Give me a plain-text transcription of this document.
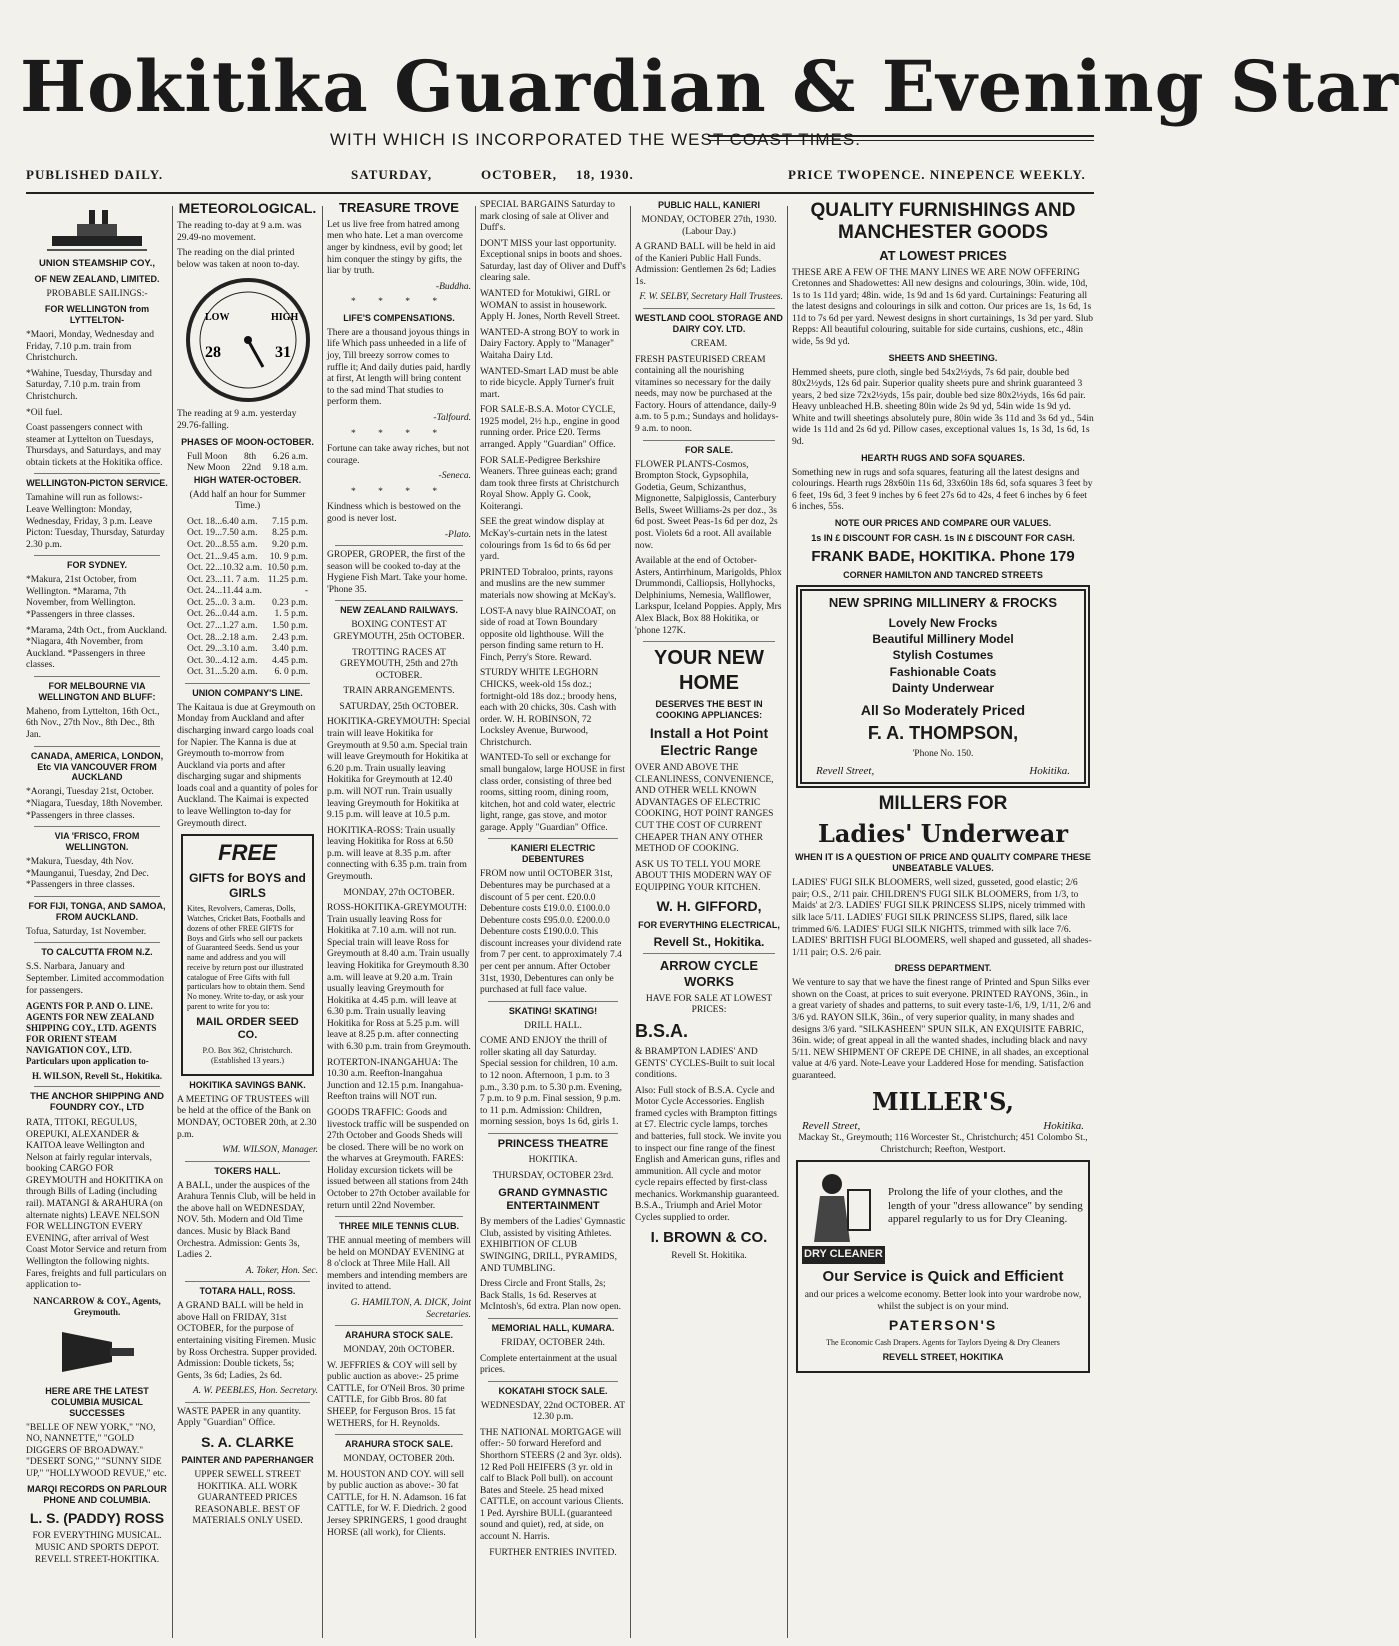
Hokitika Guardian & Evening Star
WITH WHICH IS INCORPORATED THE WEST COAST TIMES.
PUBLISHED DAILY.	SATURDAY,	OCTOBER, 18, 1930.	PRICE TWOPENCE. NINEPENCE WEEKLY.

UNION STEAMSHIP COY.,

OF NEW ZEALAND, LIMITED.

PROBABLE SAILINGS:-

FOR WELLINGTON from LYTTELTON-

*Maori, Monday, Wednesday and Friday, 7.10 p.m. train from Christchurch.

*Wahine, Tuesday, Thursday and Saturday, 7.10 p.m. train from Christchurch.

*Oil fuel.

Coast passengers connect with steamer at Lyttelton on Tuesdays, Thursdays, and Saturdays, and may obtain tickets at the Hokitika office.

WELLINGTON-PICTON SERVICE.

Tamahine will run as follows:- Leave Wellington: Monday, Wednesday, Friday, 3 p.m. Leave Picton: Tuesday, Thursday, Saturday 2.30 p.m.

FOR SYDNEY.

*Makura, 21st October, from Wellington. *Marama, 7th November, from Wellington. *Passengers in three classes.

*Marama, 24th Oct., from Auckland. *Niagara, 4th November, from Auckland. *Passengers in three classes.

FOR MELBOURNE VIA WELLINGTON AND BLUFF:

Maheno, from Lyttelton, 16th Oct., 6th Nov., 27th Nov., 8th Dec., 8th Jan.

CANADA, AMERICA, LONDON, Etc VIA VANCOUVER FROM AUCKLAND

*Aorangi, Tuesday 21st, October. *Niagara, Tuesday, 18th November. *Passengers in three classes.

VIA 'FRISCO, FROM WELLINGTON.

*Makura, Tuesday, 4th Nov. *Maunganui, Tuesday, 2nd Dec. *Passengers in three classes.

FOR FIJI, TONGA, AND SAMOA, FROM AUCKLAND.

Tofua, Saturday, 1st November.

TO CALCUTTA FROM N.Z.

S.S. Narbara, January and September. Limited accommodation for passengers.

AGENTS FOR P. AND O. LINE. AGENTS FOR NEW ZEALAND SHIPPING COY., LTD. AGENTS FOR ORIENT STEAM NAVIGATION COY., LTD. Particulars upon application to-

H. WILSON, Revell St., Hokitika.

THE ANCHOR SHIPPING AND FOUNDRY COY., LTD

RATA, TITOKI, REGULUS, OREPUKI, ALEXANDER & KAITOA leave Wellington and Nelson at fairly regular intervals, booking CARGO FOR GREYMOUTH and HOKITIKA on through Bills of Lading (including rail). MATANGI & ARAHURA (on alternate nights) LEAVE NELSON FOR WELLINGTON EVERY EVENING, after arrival of West Coast Motor Service and return from Wellington the following nights. Fares, freights and full particulars on application to-

NANCARROW & COY., Agents, Greymouth.

HERE ARE THE LATEST COLUMBIA MUSICAL SUCCESSES

"BELLE OF NEW YORK," "NO, NO, NANNETTE," "GOLD DIGGERS OF BROADWAY." "DESERT SONG," "SUNNY SIDE UP," "HOLLYWOOD REVUE," etc.

MARQI RECORDS ON PARLOUR PHONE AND COLUMBIA.

L. S. (PADDY) ROSS

FOR EVERYTHING MUSICAL. MUSIC AND SPORTS DEPOT. REVELL STREET-HOKITIKA.

METEOROLOGICAL.

The reading to-day at 9 a.m. was 29.49-no movement.

The reading on the dial printed below was taken at noon to-day.

LOW	HIGH
28	31

The reading at 9 a.m. yesterday 29.76-falling.

PHASES OF MOON-OCTOBER.

Full Moon 8th 6.26 a.m.
New Moon 22nd 9.18 a.m.

HIGH WATER-OCTOBER.

(Add half an hour for Summer Time.)

Oct. 18...6.40 a.m. 7.15 p.m.
Oct. 19...7.50 a.m. 8.25 p.m.
Oct. 20...8.55 a.m. 9.20 p.m.
Oct. 21...9.45 a.m. 10. 9 p.m.
Oct. 22...10.32 a.m. 10.50 p.m.
Oct. 23...11. 7 a.m. 11.25 p.m.
Oct. 24...11.44 a.m.	-
Oct. 25...0. 3 a.m. 0.23 p.m.
Oct. 26...0.44 a.m. 1. 5 p.m.
Oct. 27...1.27 a.m. 1.50 p.m.
Oct. 28...2.18 a.m. 2.43 p.m.
Oct. 29...3.10 a.m. 3.40 p.m.
Oct. 30...4.12 a.m. 4.45 p.m.
Oct. 31...5.20 a.m. 6. 0 p.m.

UNION COMPANY'S LINE.

The Kaitaua is due at Greymouth on Monday from Auckland and after discharging inward cargo loads coal for Napier. The Kanna is due at Greymouth to-morrow from Auckland via ports and after discharging sugar and shipments loads coal and a quantity of poles for Auckland. The Kaimai is expected to leave Wellington to-day for Greymouth direct.

FREE

GIFTS for BOYS and GIRLS

Kites, Revolvers, Cameras, Dolls, Watches, Cricket Bats, Footballs and dozens of other FREE GIFTS for Boys and Girls who sell our packets of Guaranteed Seeds. Send us your name and address and you will receive by return post our illustrated catalogue of Free Gifts with full particulars how to obtain them. Send No money. Write to-day, or ask your parent to write for you to:

MAIL ORDER SEED CO.

P.O. Box 362, Christchurch. (Established 13 years.)

HOKITIKA SAVINGS BANK.

A MEETING OF TRUSTEES will be held at the office of the Bank on MONDAY, OCTOBER 20th, at 2.30 p.m.

WM. WILSON, Manager.

TOKERS HALL.

A BALL, under the auspices of the Arahura Tennis Club, will be held in the above hall on WEDNESDAY, NOV. 5th. Modern and Old Time dances. Music by Black Band Orchestra. Admission: Gents 3s, Ladies 2.

A. Toker, Hon. Sec.

TOTARA HALL, ROSS.

A GRAND BALL will be held in above Hall on FRIDAY, 31st OCTOBER, for the purpose of entertaining visiting Firemen. Music by Ross Orchestra. Supper provided. Admission: Double tickets, 5s; Gents, 3s 6d; Ladies, 2s 6d.

A. W. PEEBLES, Hon. Secretary.

WASTE PAPER in any quantity. Apply "Guardian" Office.

S. A. CLARKE

PAINTER AND PAPERHANGER

UPPER SEWELL STREET HOKITIKA. ALL WORK GUARANTEED PRICES REASONABLE. BEST OF MATERIALS ONLY USED.

TREASURE TROVE

Let us live free from hatred among men who hate. Let a man overcome anger by kindness, evil by good; let him conquer the stingy by gifts, the liar by truth.

-Buddha.

* * * *

LIFE'S COMPENSATIONS.

There are a thousand joyous things in life Which pass unheeded in a life of joy, Till breezy sorrow comes to ruffle it; And daily duties paid, hardly at first, At length will bring content to the sad mind That studies to perform them.

-Talfourd.

* * * *

Fortune can take away riches, but not courage.

-Seneca.

* * * *

Kindness which is bestowed on the good is never lost.

-Plato.

GROPER, GROPER, the first of the season will be cooked to-day at the Hygiene Fish Mart. Take your home. 'Phone 35.

NEW ZEALAND RAILWAYS.

BOXING CONTEST AT GREYMOUTH, 25th OCTOBER.

TROTTING RACES AT GREYMOUTH, 25th and 27th OCTOBER.

TRAIN ARRANGEMENTS.

SATURDAY, 25th OCTOBER.

HOKITIKA-GREYMOUTH: Special train will leave Hokitika for Greymouth at 9.50 a.m. Special train will leave Greymouth for Hokitika at 6.20 p.m. Train usually leaving Hokitika for Greymouth at 12.40 p.m. will NOT run. Train usually leaving Greymouth for Hokitika at 9.15 p.m. will leave at 10.5 p.m.

HOKITIKA-ROSS: Train usually leaving Hokitika for Ross at 6.50 p.m. will leave at 8.35 p.m. after connecting with 6.35 p.m. train from Greymouth.

MONDAY, 27th OCTOBER.

ROSS-HOKITIKA-GREYMOUTH: Train usually leaving Ross for Hokitika at 7.10 a.m. will not run. Special train will leave Ross for Greymouth at 8.40 a.m. Train usually leaving Hokitika for Greymouth 8.30 a.m. will leave at 9.20 a.m. Train usually leaving Greymouth for Hokitika at 4.45 p.m. will leave at 6.30 p.m. Train usually leaving Hokitika for Ross at 5.25 p.m. will leave at 8.25 p.m. after connecting with 6.30 p.m. train from Greymouth.

ROTERTON-INANGAHUA: The 10.30 a.m. Reefton-Inangahua Junction and 12.15 p.m. Inangahua-Reefton trains will NOT run.

GOODS TRAFFIC: Goods and livestock traffic will be suspended on 27th October and Goods Sheds will be closed. There will be no work on the wharves at Greymouth. FARES: Holiday excursion tickets will be issued between all stations from 24th October to 27th October available for return until 22nd November.

THREE MILE TENNIS CLUB.

THE annual meeting of members will be held on MONDAY EVENING at 8 o'clock at Three Mile Hall. All members and intending members are invited to attend.

G. HAMILTON, A. DICK, Joint Secretaries.

ARAHURA STOCK SALE.

MONDAY, 20th OCTOBER.

W. JEFFRIES & COY will sell by public auction as above:- 25 prime CATTLE, for O'Neil Bros. 30 prime CATTLE, for Gibb Bros. 80 fat SHEEP, for Ferguson Bros. 15 fat WETHERS, for H. Reynolds.

ARAHURA STOCK SALE.

MONDAY, OCTOBER 20th.

M. HOUSTON AND COY. will sell by public auction as above:- 30 fat CATTLE, for H. N. Adamson. 16 fat CATTLE, for W. F. Diedrich. 2 good Jersey SPRINGERS, 1 good draught HORSE (all work), for Clients.

SPECIAL BARGAINS Saturday to mark closing of sale at Oliver and Duff's.

DON'T MISS your last opportunity. Exceptional snips in boots and shoes. Saturday, last day of Oliver and Duff's clearing sale.

WANTED for Motukiwi, GIRL or WOMAN to assist in housework. Apply H. Jones, North Revell Street.

WANTED-A strong BOY to work in Dairy Factory. Apply to "Manager" Waitaha Dairy Ltd.

WANTED-Smart LAD must be able to ride bicycle. Apply Turner's fruit mart.

FOR SALE-B.S.A. Motor CYCLE, 1925 model, 2½ h.p., engine in good running order. Price £20. Terms arranged. Apply "Guardian" Office.

FOR SALE-Pedigree Berkshire Weaners. Three guineas each; grand dam took three firsts at Christchurch Royal Show. Apply G. Cook, Koiterangi.

SEE the great window display at McKay's-curtain nets in the latest colourings from 1s 6d to 6s 6d per yard.

PRINTED Tobraloo, prints, rayons and muslins are the new summer materials now showing at McKay's.

LOST-A navy blue RAINCOAT, on side of road at Town Boundary opposite old lighthouse. Will the person finding same return to H. Finch, Perry's Store. Reward.

STURDY WHITE LEGHORN CHICKS, week-old 15s doz.; fortnight-old 18s doz.; broody hens, each with 20 chicks, 30s. Cash with order. W. H. ROBINSON, 72 Locksley Avenue, Burwood, Christchurch.

WANTED-To sell or exchange for small bungalow, large HOUSE in first class order, consisting of three bed rooms, sitting room, dining room, kitchen, hot and cold water, electric light, range, gas stove, and motor garage. Apply "Guardian" Office.

KANIERI ELECTRIC DEBENTURES

FROM now until OCTOBER 31st, Debentures may be purchased at a discount of 5 per cent. £20.0.0 Debenture costs £19.0.0. £100.0.0 Debenture costs £95.0.0. £200.0.0 Debenture costs £190.0.0. This discount increases your dividend rate from 7 per cent. to approximately 7.4 per cent per annum. After October 31st, 1930, Debentures can only be purchased at full face value.

SKATING! SKATING!

DRILL HALL.

COME AND ENJOY the thrill of roller skating all day Saturday. Special session for children, 10 a.m. to 12 noon. Afternoon, 1 p.m. to 3 p.m., 3.30 p.m. to 5.30 p.m. Evening, 7 p.m. to 9 p.m. Final session, 9 p.m. to 11 p.m. Admission: Children, morning session, boys 1s 6d, girls 1.

PRINCESS THEATRE

HOKITIKA.

THURSDAY, OCTOBER 23rd.

GRAND GYMNASTIC ENTERTAINMENT

By members of the Ladies' Gymnastic Club, assisted by visiting Athletes. EXHIBITION OF CLUB SWINGING, DRILL, PYRAMIDS, AND TUMBLING.

Dress Circle and Front Stalls, 2s; Back Stalls, 1s 6d. Reserves at McIntosh's, 6d extra. Plan now open.

MEMORIAL HALL, KUMARA.

FRIDAY, OCTOBER 24th.

Complete entertainment at the usual prices.

KOKATAHI STOCK SALE.

WEDNESDAY, 22nd OCTOBER. AT 12.30 p.m.

THE NATIONAL MORTGAGE will offer:- 50 forward Hereford and Shorthorn STEERS (2 and 3yr. olds). 12 Red Poll HEIFERS (3 yr. old in calf to Black Poll bull). on account Bates and Steele. 25 head mixed CATTLE, on account various Clients. 1 Ped. Ayrshire BULL (guaranteed sound and quiet), red, at side, on account N. Harris.

FURTHER ENTRIES INVITED.

PUBLIC HALL, KANIERI

MONDAY, OCTOBER 27th, 1930. (Labour Day.)

A GRAND BALL will be held in aid of the Kanieri Public Hall Funds. Admission: Gentlemen 2s 6d; Ladies 1s.

F. W. SELBY, Secretary Hall Trustees.

WESTLAND COOL STORAGE AND DAIRY COY. LTD.

CREAM.

FRESH PASTEURISED CREAM containing all the nourishing vitamines so necessary for the daily needs, may now be purchased at the Factory. Hours of attendance, daily-9 a.m. to 5 p.m.; Sundays and holidays-9 a.m. to noon.

FOR SALE.

FLOWER PLANTS-Cosmos, Brompton Stock, Gypsophila, Godetia, Geum, Schizanthus, Mignonette, Salpiglossis, Canterbury Bells, Sweet Williams-2s per doz., 3s 6d post. Sweet Peas-1s 6d per doz, 2s post. Violets 6d a root. All available now.

Available at the end of October-Asters, Antirrhinum, Marigolds, Phlox Drummondi, Calliopsis, Hollyhocks, Delphiniums, Nemesia, Wallflower, Larkspur, Iceland Poppies. Apply, Mrs Alex Black, Box 88 Hokitika, or 'phone 127K.

YOUR NEW HOME

DESERVES THE BEST IN COOKING APPLIANCES:

Install a Hot Point Electric Range

OVER AND ABOVE THE CLEANLINESS, CONVENIENCE, AND OTHER WELL KNOWN ADVANTAGES OF ELECTRIC COOKING, HOT POINT RANGES CUT THE COST OF CURRENT CHEAPER THAN ANY OTHER METHOD OF COOKING.

ASK US TO TELL YOU MORE ABOUT THIS MODERN WAY OF EQUIPPING YOUR KITCHEN.

W. H. GIFFORD,

FOR EVERYTHING ELECTRICAL,

Revell St., Hokitika.

ARROW CYCLE WORKS

HAVE FOR SALE AT LOWEST PRICES:

B.S.A.

& BRAMPTON LADIES' AND GENTS' CYCLES-Built to suit local conditions.

Also: Full stock of B.S.A. Cycle and Motor Cycle Accessories. English framed cycles with Brampton fittings at £7. Electric cycle lamps, torches and batteries, full stock. We invite you to inspect our fine range of the finest English and American guns, rifles and ammunition. All cycle and motor cycle repairs effected by first-class mechanics. Workmanship guaranteed. B.S.A., Triumph and Ariel Motor Cycles supplied to order.

I. BROWN & CO.

Revell St. Hokitika.

QUALITY FURNISHINGS AND MANCHESTER GOODS

AT LOWEST PRICES

THESE ARE A FEW OF THE MANY LINES WE ARE NOW OFFERING Cretonnes and Shadowettes: All new designs and colourings, 30in. wide, 10d, 1s to 1s 11d yard; 48in. wide, 1s 9d and 1s 6d yard. Curtainings: Featuring all the latest designs and colourings in silk and cotton. Our prices are 1s, 1s 6d, 1s 11d to 7s 6d per yard. Newest designs in short curtainings, 1s 3d per yard. Slub Repps: All beautiful colouring, suitable for side curtains, cushions, etc., 48in wide, 5s 9d yd.

SHEETS AND SHEETING.

Hemmed sheets, pure cloth, single bed 54x2½yds, 7s 6d pair, double bed 80x2½yds, 12s 6d pair. Superior quality sheets pure and shrink guaranteed 3 years, 2 bed size 72x2½yds, 15s pair, double bed size 80x2½yds, 16s 6d pair. Heavy unbleached H.B. sheeting 80in wide 2s 9d yd, 54in wide 1s 9d yd. White and twill sheetings absolutely pure, 80in wide 3s 11d and 3s 6d yd., 54in wide 1s 11d and 2s 6d yd. Pillow cases, exceptional values 1s, 1s 3d, 1s 6d, 1s 9d.

HEARTH RUGS AND SOFA SQUARES.

Something new in rugs and sofa squares, featuring all the latest designs and colourings. Hearth rugs 28x60in 11s 6d, 33x60in 18s 6d, sofa squares 3 feet by 6 feet, 19s 6d, 3 feet 9 inches by 6 feet 27s 6d to 42s, 4 feet 6 inches by 6 feet 6 inches, 55s.

NOTE OUR PRICES AND COMPARE OUR VALUES.

1s IN £ DISCOUNT FOR CASH. 1s IN £ DISCOUNT FOR CASH.

FRANK BADE, HOKITIKA. Phone 179

CORNER HAMILTON AND TANCRED STREETS

NEW SPRING MILLINERY & FROCKS

Lovely New Frocks
Beautiful Millinery Model
Stylish Costumes
Fashionable Coats
Dainty Underwear

All So Moderately Priced

F. A. THOMPSON,

'Phone No. 150.

Revell Street,	Hokitika.

MILLERS FOR

Ladies' Underwear

WHEN IT IS A QUESTION OF PRICE AND QUALITY COMPARE THESE UNBEATABLE VALUES.

LADIES' FUGI SILK BLOOMERS, well sized, gusseted, good elastic; 2/6 pair; O.S., 2/11 pair. CHILDREN'S FUGI SILK BLOOMERS, from 1/3, to Maids' at 2/3. LADIES' FUGI SILK PRINCESS SLIPS, nicely trimmed with silk lace 5/11. LADIES' FUGI SILK PRINCESS SLIPS, flared, silk lace trimmed 6/6. LADIES' FUGI SILK NIGHTS, trimmed with silk lace 7/6. LADIES' BRITISH FUGI BLOOMERS, well shaped and gusseted, all shades-1/11 pair; O.S. 2/6 pair.

DRESS DEPARTMENT.

We venture to say that we have the finest range of Printed and Spun Silks ever shown on the Coast, at prices to suit everyone. PRINTED RAYONS, 36in., in a great variety of shades and patterns, to suit every taste-1/6, 1/9, 1/11, 2/6 and 3/6 yd. RAYON SILK, 36in., of very superior quality, in many shades and designs 3/6 yard. "SILKASHEEN" SPUN SILK, AN EXQUISITE FABRIC, 36in. wide; of great appeal in all the wanted shades, including black and navy 5/11. NEW SHIPMENT OF CREPE DE CHINE, in all shades, an exceptional value at 4/6 yard. Note-Leave your Laddered Hose for mending. Satisfaction guaranteed.

MILLER'S,

Revell Street,	Hokitika.

Mackay St., Greymouth; 116 Worcester St., Christchurch; 451 Colombo St., Christchurch; Reefton, Westport.

Prolong the life of your clothes, and the length of your "dress allowance" by sending apparel regularly to us for Dry Cleaning.

DRY CLEANER

Our Service is Quick and Efficient

and our prices a welcome economy. Better look into your wardrobe now, whilst the subject is on your mind.

PATERSON'S

The Economic Cash Drapers. Agents for Taylors Dyeing & Dry Cleaners

REVELL STREET, HOKITIKA
